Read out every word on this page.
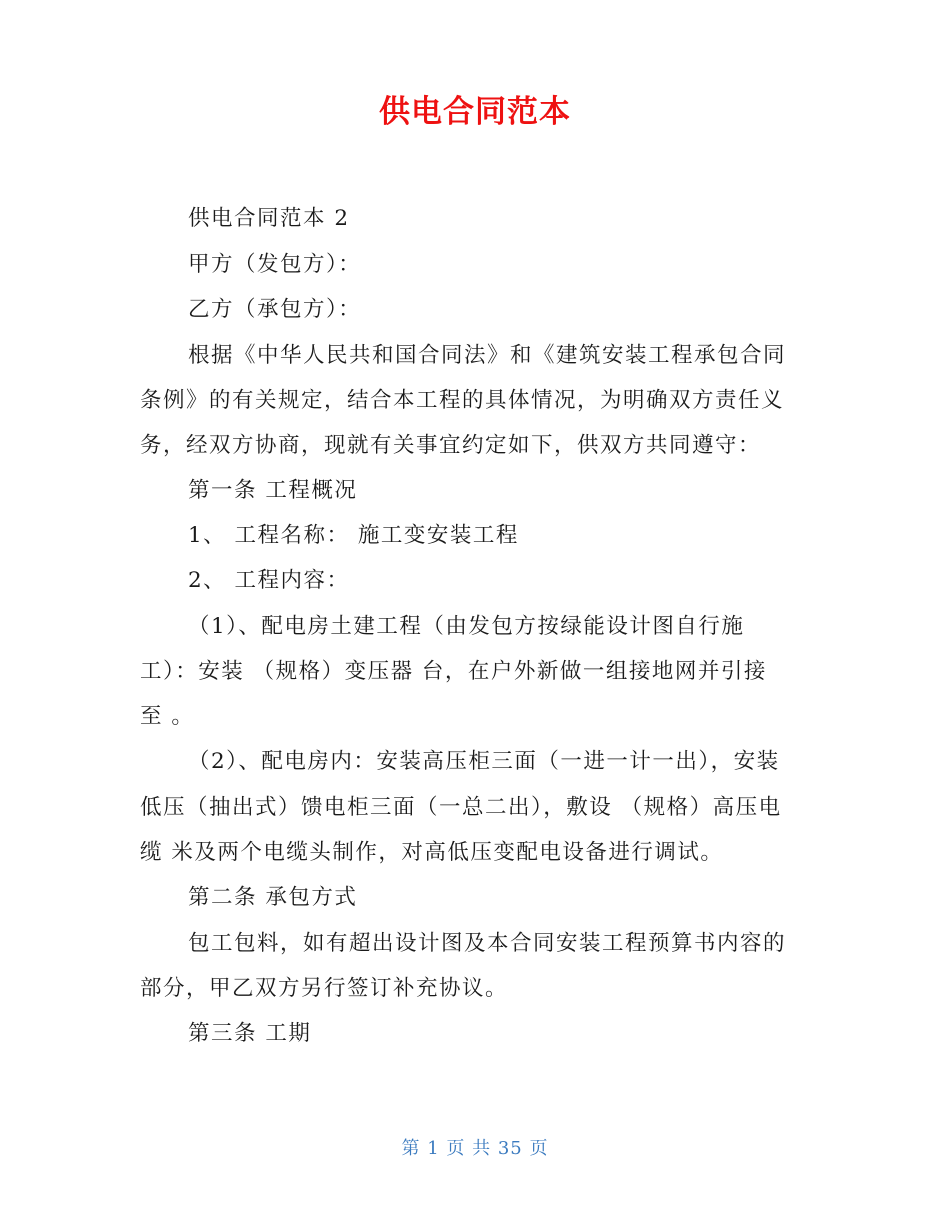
供电合同范本
供电合同范本 2
甲方（发包方）：
乙方（承包方）：
根据《中华人民共和国合同法》和《建筑安装工程承包合同
条例》的有关规定，结合本工程的具体情况，为明确双方责任义
务，经双方协商，现就有关事宜约定如下，供双方共同遵守：
第一条 工程概况
1、 工程名称： 施工变安装工程
2、 工程内容：
（1）、配电房土建工程（由发包方按绿能设计图自行施
工）：安装 （规格）变压器 台，在户外新做一组接地网并引接
至 。
（2）、配电房内：安装高压柜三面（一进一计一出），安装
低压（抽出式）馈电柜三面（一总二出），敷设 （规格）高压电
缆 米及两个电缆头制作，对高低压变配电设备进行调试。
第二条 承包方式
包工包料，如有超出设计图及本合同安装工程预算书内容的
部分，甲乙双方另行签订补充协议。
第三条 工期
第 1 页 共 35 页
